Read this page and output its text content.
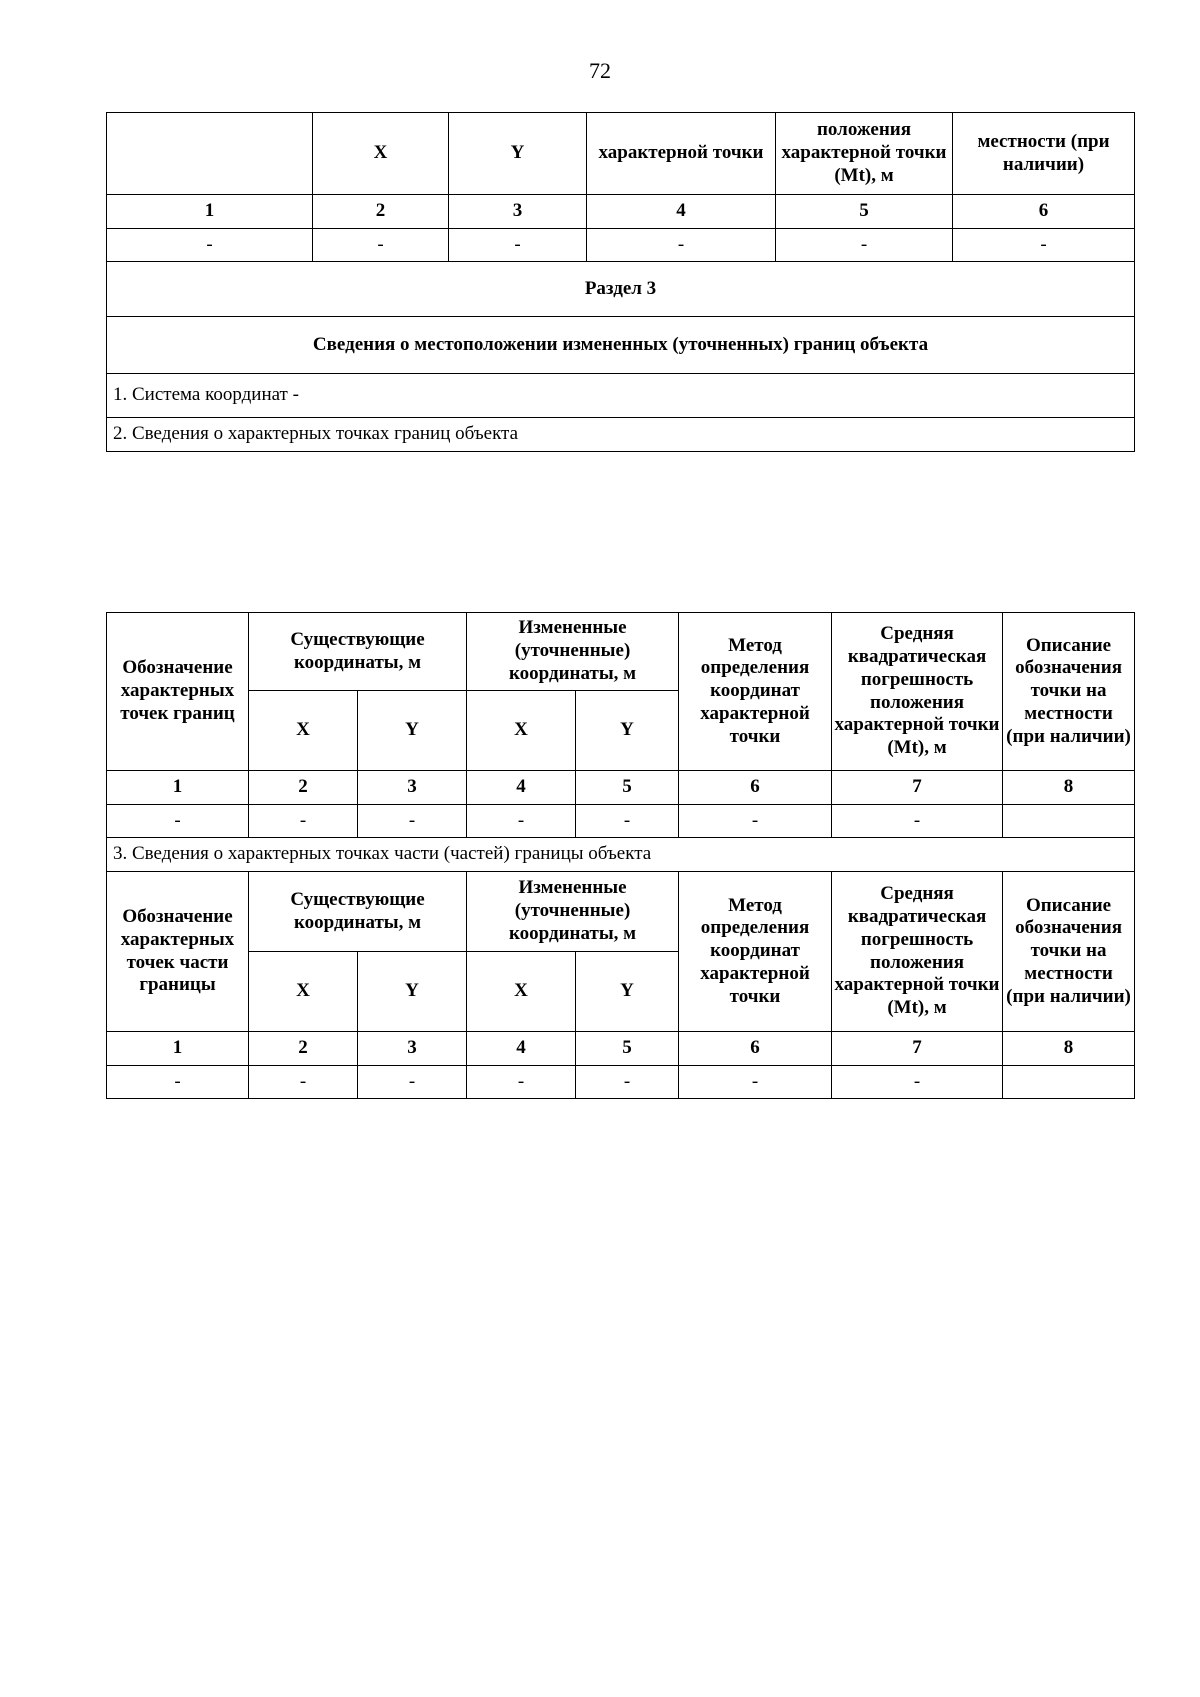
72
	X	Y	характерной точки	положения характерной точки (Mt), м	местности (при наличии)
1	2	3	4	5	6
-	-	-	-	-	-
Раздел 3					
Сведения о местоположении измененных (уточненных) границ объекта					
1. Система координат -					
2. Сведения о характерных точках границ объекта					
Обозначение характерных точек границ	Существующие координаты, м		Измененные (уточненные) координаты, м		Метод определения координат характерной точки	Средняя квадратическая погрешность положения характерной точки (Mt), м	Описание обозначения точки на местности (при наличии)
	X	Y	X	Y			
1	2	3	4	5	6	7	8
-	-	-	-	-	-	-	
3. Сведения о характерных точках части (частей) границы объекта							
Обозначение характерных точек части границы	Существующие координаты, м		Измененные (уточненные) координаты, м		Метод определения координат характерной точки	Средняя квадратическая погрешность положения характерной точки (Mt), м	Описание обозначения точки на местности (при наличии)
	X	Y	X	Y			
1	2	3	4	5	6	7	8
-	-	-	-	-	-	-	
